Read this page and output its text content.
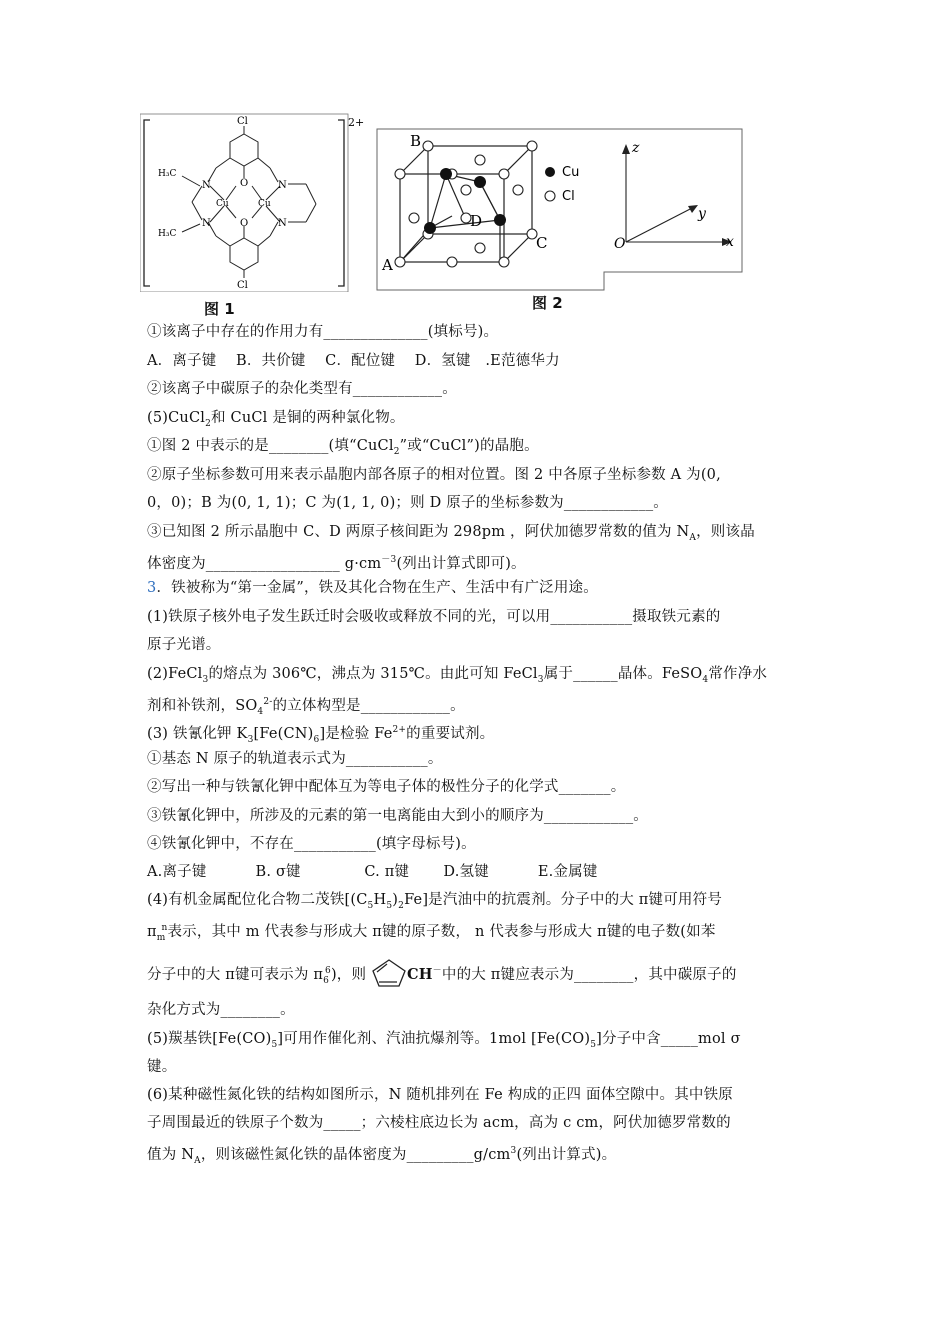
2+
Cl
Cl
O
O
Cu	Cu
N
N
N
N
H₃C
H₃C
图 1
B
A
C
D
Cu
Cl
z
y
x
O
图 2
①该离子中存在的作用力有______________(填标号)。
A．离子键　 B．共价键　 C．配位键　 D．氢键　.E范德华力
②该离子中碳原子的杂化类型有____________。
(5)CuCl$_2$和 CuCl 是铜的两种氯化物。
①图 2 中表示的是________(填“CuCl$_2$”或“CuCl”)的晶胞。
②原子坐标参数可用来表示晶胞内部各原子的相对位置。图 2 中各原子坐标参数 A 为(0,
0，0)；B 为(0, 1, 1)；C 为(1, 1, 0)；则 D 原子的坐标参数为____________。
③已知图 2 所示晶胞中 C、D 两原子核间距为 298pm ，阿伏加德罗常数的值为 $N_A$，则该晶
体密度为__________________ $g\cdot cm^{-3}$(列出计算式即可)。
3．铁被称为“第一金属”，铁及其化合物在生产、生活中有广泛用途。
(1)铁原子核外电子发生跃迁时会吸收或释放不同的光，可以用___________摄取铁元素的
原子光谱。
(2)FeCl$_3$的熔点为 306℃，沸点为 315℃。由此可知 FeCl$_3$属于______晶体。FeSO$_4$常作净水
剂和补铁剂，$SO_4^{2-}$的立体构型是____________。
(3) 铁氰化钾 $K_3[Fe(CN)_6]$是检验 $Fe^{2+}$的重要试剂。
①基态 N 原子的轨道表示式为___________。
②写出一种与铁氰化钾中配体互为等电子体的极性分子的化学式_______。
③铁氰化钾中，所涉及的元素的第一电离能由大到小的顺序为____________。
④铁氰化钾中，不存在___________(填字母标号)。
A.离子键　　 　B. σ键　　　　 C. π键　　 D.氢键　　　 E.金属键
(4)有机金属配位化合物二茂铁$[(C_5H_5)_2Fe]$是汽油中的抗震剂。分子中的大 π键可用符号
$\pi_m^n$表示，其中 m 代表参与形成大 π键的原子数， n 代表参与形成大 π键的电子数(如苯
分子中的大 π键可表示为 $\pi_6^6$)，则	CH－中的大 π键应表示为________，其中碳原子的
杂化方式为________。
(5)羰基铁$[Fe(CO)_5]$可用作催化剂、汽油抗爆剂等。1mol $[Fe(CO)_5]$分子中含_____mol σ
键。
(6)某种磁性氮化铁的结构如图所示，N 随机排列在 Fe 构成的正四 面体空隙中。其中铁原
子周围最近的铁原子个数为_____；六棱柱底边长为 acm，高为 c cm，阿伏加德罗常数的
值为 $N_A$，则该磁性氮化铁的晶体密度为$\_\_\_\_\_\_\_\_\_g/cm^3$(列出计算式)。
